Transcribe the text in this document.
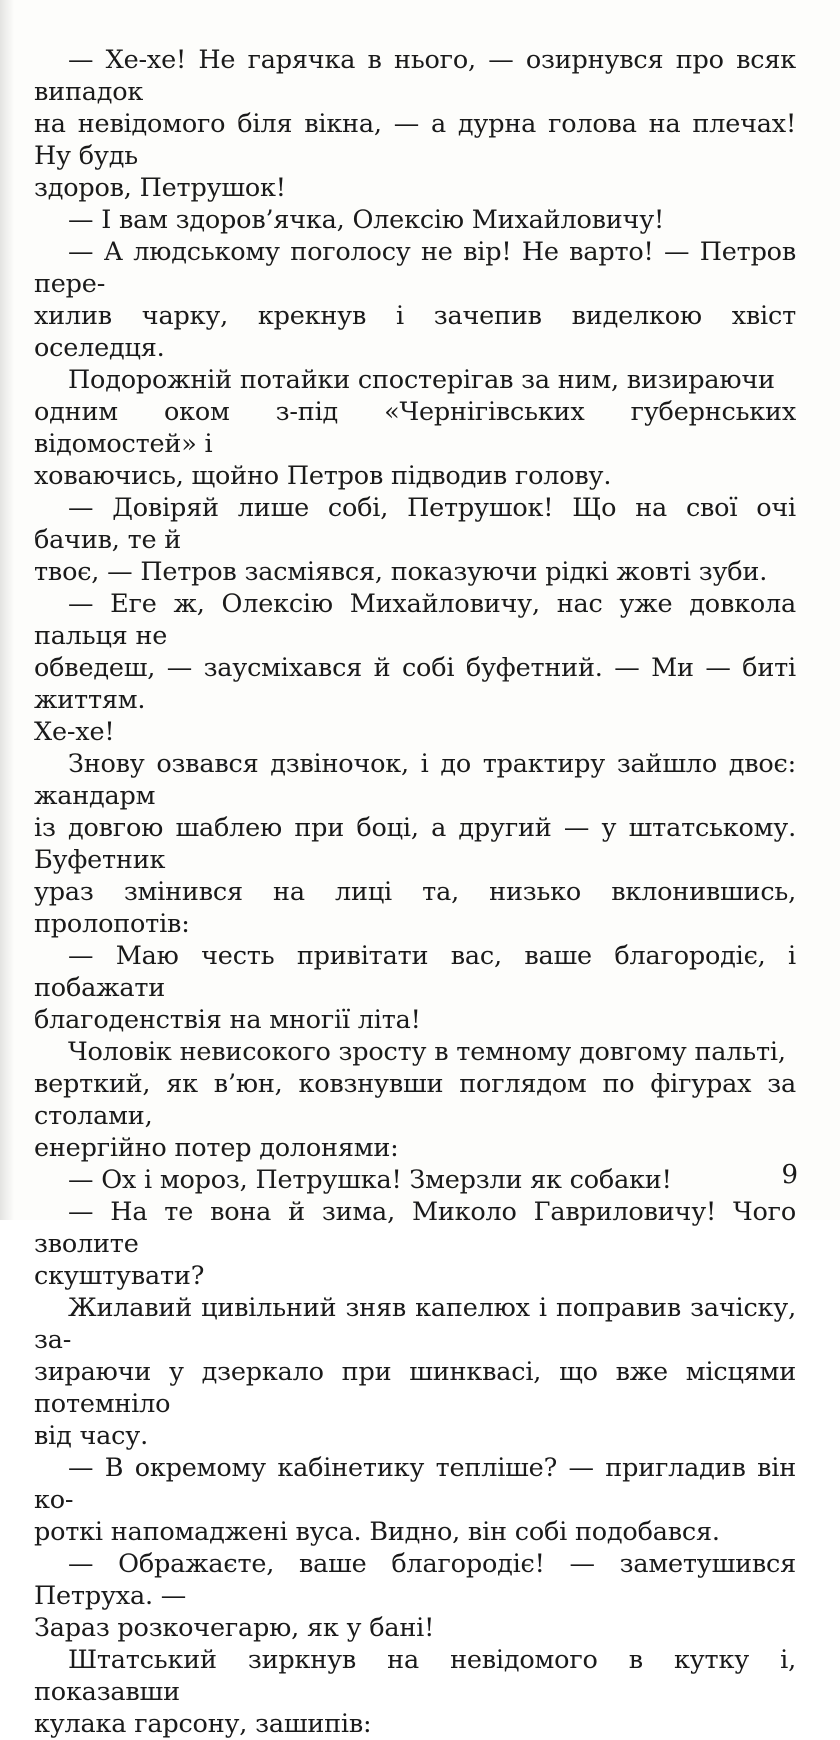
— Хе-хе! Не гарячка в нього, — озирнувся про всяк випадок
на невідомого біля вікна, — а дурна голова на плечах! Ну будь
здоров, Петрушок!

— І вам здоров’ячка, Олексію Михайловичу!

— А людському поголосу не вір! Не варто! — Петров пере-
хилив чарку, крекнув і зачепив виделкою хвіст оселедця.

Подорожній потайки спостерігав за ним, визираючи
одним оком з-під «Чернігівських губернських відомостей» і
ховаючись, щойно Петров підводив голову.

— Довіряй лише собі, Петрушок! Що на свої очі бачив, те й
твоє, — Петров засміявся, показуючи рідкі жовті зуби.

— Еге ж, Олексію Михайловичу, нас уже довкола пальця не
обведеш, — заусміхався й собі буфетний. — Ми — биті життям.
Хе-хе!

Знову озвався дзвіночок, і до трактиру зайшло двоє: жандарм
із довгою шаблею при боці, а другий — у штатському. Буфетник
ураз змінився на лиці та, низько вклонившись, пролопотів:

— Маю честь привітати вас, ваше благородіє, і побажати
благоденствія на многії літа!

Чоловік невисокого зросту в темному довгому пальті,
верткий, як в’юн, ковзнувши поглядом по фігурах за столами,
енергійно потер долонями:

— Ох і мороз, Петрушка! Змерзли як собаки!

— На те вона й зима, Миколо Гавриловичу! Чого зволите
скуштувати?

Жилавий цивільний зняв капелюх і поправив зачіску, за-
зираючи у дзеркало при шинквасі, що вже місцями потемніло
від часу.

— В окремому кабінетику тепліше? — пригладив він ко-
роткі напомаджені вуса. Видно, він собі подобався.

— Ображаєте, ваше благородіє! — заметушився Петруха. —
Зараз розкочегарю, як у бані!

Штатський зиркнув на невідомого в кутку і, показавши
кулака гарсону, зашипів:

9
